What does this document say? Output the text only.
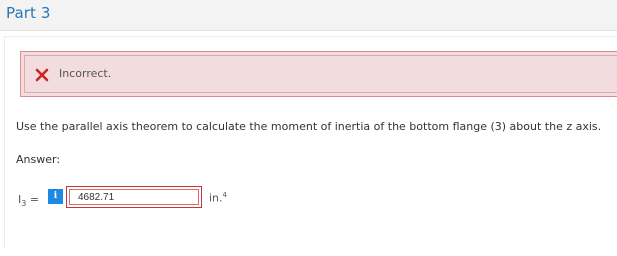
Part 3
Incorrect.
Use the parallel axis theorem to calculate the moment of inertia of the bottom flange (3) about the z axis.
Answer:
$I_3$ =	i	4682.71	in.$^4$
